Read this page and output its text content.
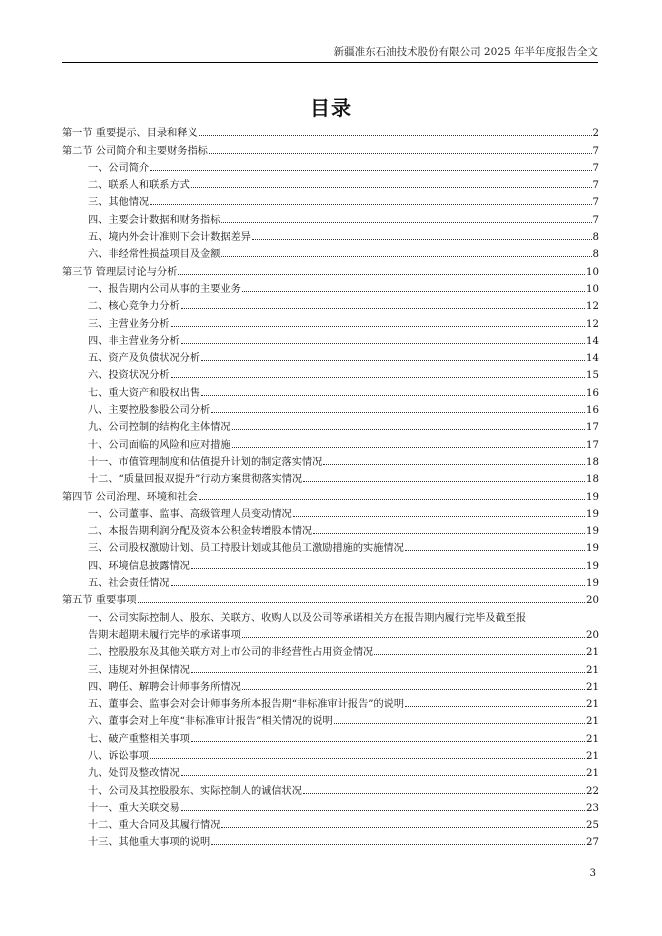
新疆准东石油技术股份有限公司 2025 年半年度报告全文
目录
第一节 重要提示、目录和释义	2
第二节 公司简介和主要财务指标	7
一、公司简介	7
二、联系人和联系方式	7
三、其他情况	7
四、主要会计数据和财务指标	7
五、境内外会计准则下会计数据差异	8
六、非经常性损益项目及金额	8
第三节 管理层讨论与分析	10
一、报告期内公司从事的主要业务	10
二、核心竞争力分析	12
三、主营业务分析	12
四、非主营业务分析	14
五、资产及负债状况分析	14
六、投资状况分析	15
七、重大资产和股权出售	16
八、主要控股参股公司分析	16
九、公司控制的结构化主体情况	17
十、公司面临的风险和应对措施	17
十一、市值管理制度和估值提升计划的制定落实情况	18
十二、“质量回报双提升”行动方案贯彻落实情况	18
第四节 公司治理、环境和社会	19
一、公司董事、监事、高级管理人员变动情况	19
二、本报告期利润分配及资本公积金转增股本情况	19
三、公司股权激励计划、员工持股计划或其他员工激励措施的实施情况	19
四、环境信息披露情况	19
五、社会责任情况	19
第五节 重要事项	20
一、公司实际控制人、股东、关联方、收购人以及公司等承诺相关方在报告期内履行完毕及截至报
告期末超期未履行完毕的承诺事项	20
二、控股股东及其他关联方对上市公司的非经营性占用资金情况	21
三、违规对外担保情况	21
四、聘任、解聘会计师事务所情况	21
五、董事会、监事会对会计师事务所本报告期“非标准审计报告”的说明	21
六、董事会对上年度“非标准审计报告”相关情况的说明	21
七、破产重整相关事项	21
八、诉讼事项	21
九、处罚及整改情况	21
十、公司及其控股股东、实际控制人的诚信状况	22
十一、重大关联交易	23
十二、重大合同及其履行情况	25
十三、其他重大事项的说明	27
3
